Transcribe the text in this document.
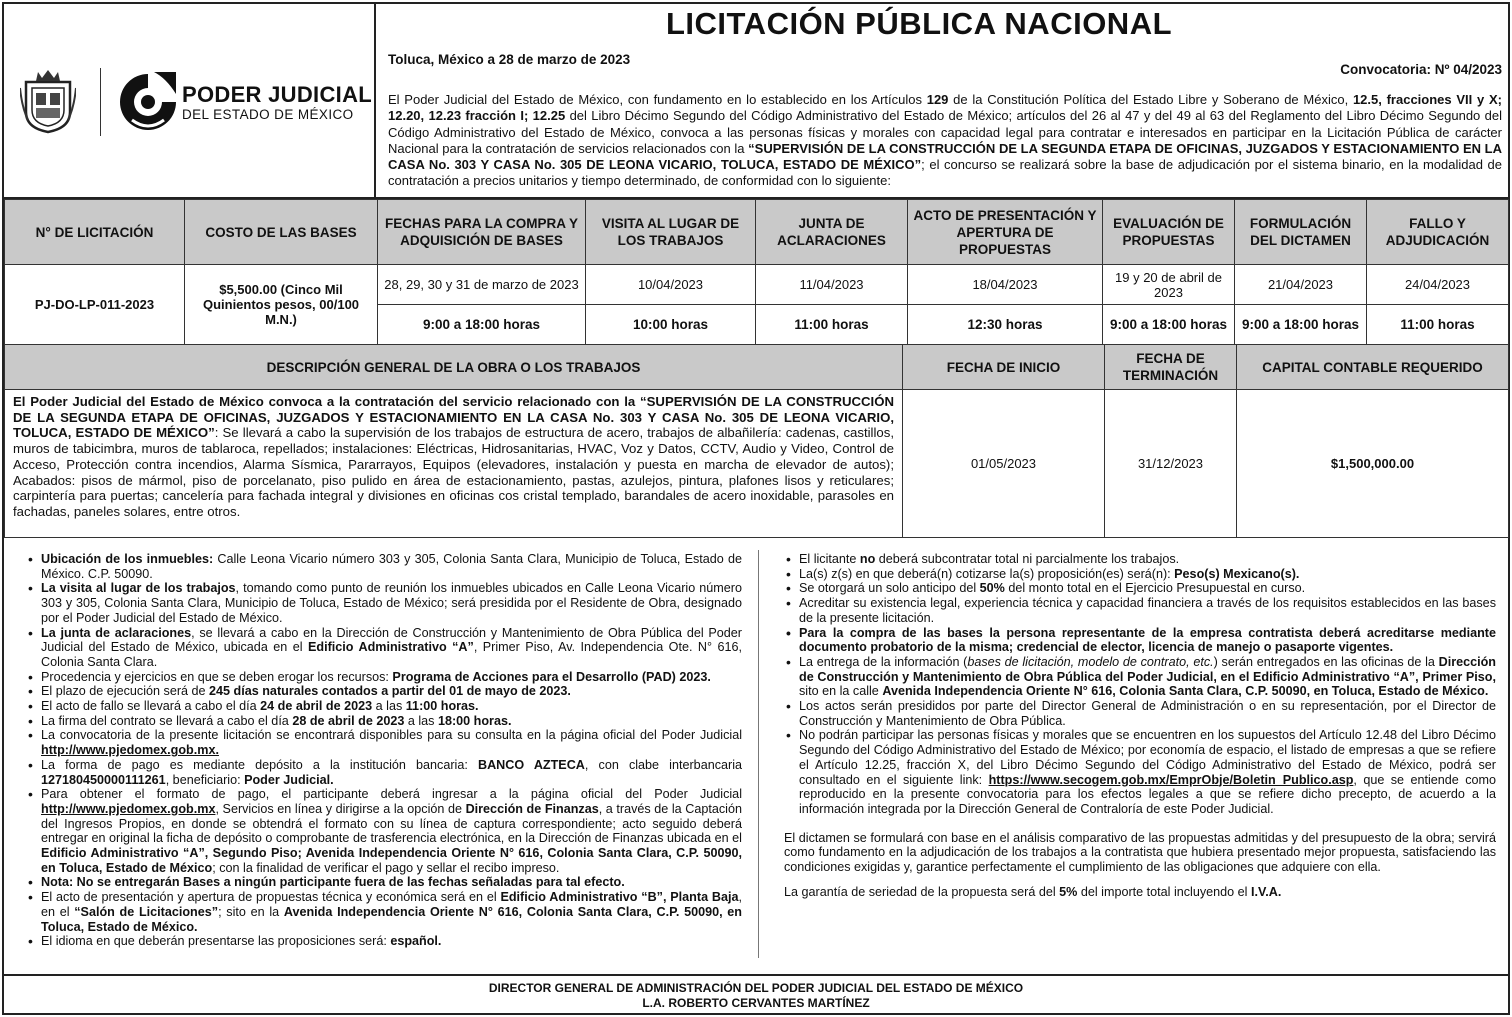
PODER JUDICIAL
DEL ESTADO DE MÉXICO
LICITACIÓN PÚBLICA NACIONAL
Toluca, México a 28 de marzo de 2023
Convocatoria: Nº 04/2023
El Poder Judicial del Estado de México, con fundamento en lo establecido en los Artículos 129 de la Constitución Política del Estado Libre y Soberano de México, 12.5, fracciones VII y X; 12.20, 12.23 fracción I; 12.25 del Libro Décimo Segundo del Código Administrativo del Estado de México; artículos del 26 al 47 y del 49 al 63 del Reglamento del Libro Décimo Segundo del Código Administrativo del Estado de México, convoca a las personas físicas y morales con capacidad legal para contratar e interesados en participar en la Licitación Pública de carácter Nacional para la contratación de servicios relacionados con la “SUPERVISIÓN DE LA CONSTRUCCIÓN DE LA SEGUNDA ETAPA DE OFICINAS, JUZGADOS Y ESTACIONAMIENTO EN LA CASA No. 303 Y CASA No. 305 DE LEONA VICARIO, TOLUCA, ESTADO DE MÉXICO”; el concurso se realizará sobre la base de adjudicación por el sistema binario, en la modalidad de contratación a precios unitarios y tiempo determinado, de conformidad con lo siguiente:
N° DE LICITACIÓN	COSTO DE LAS BASES	FECHAS PARA LA COMPRA Y ADQUISICIÓN DE BASES	VISITA AL LUGAR DE LOS TRABAJOS	JUNTA DE ACLARACIONES	ACTO DE PRESENTACIÓN Y APERTURA DE PROPUESTAS	EVALUACIÓN DE PROPUESTAS	FORMULACIÓN DEL DICTAMEN	FALLO Y ADJUDICACIÓN
PJ-DO-LP-011-2023	$5,500.00 (Cinco Mil Quinientos pesos, 00/100 M.N.)	28, 29, 30 y 31 de marzo de 2023	10/04/2023	11/04/2023	18/04/2023	19 y 20 de abril de 2023	21/04/2023	24/04/2023
		9:00 a 18:00 horas	10:00 horas	11:00 horas	12:30 horas	9:00 a 18:00 horas	9:00 a 18:00 horas	11:00 horas
DESCRIPCIÓN GENERAL DE LA OBRA O LOS TRABAJOS	FECHA DE INICIO	FECHA DE TERMINACIÓN	CAPITAL CONTABLE REQUERIDO
El Poder Judicial del Estado de México convoca a la contratación del servicio relacionado con la “SUPERVISIÓN DE LA CONSTRUCCIÓN DE LA SEGUNDA ETAPA DE OFICINAS, JUZGADOS Y ESTACIONAMIENTO EN LA CASA No. 303 Y CASA No. 305 DE LEONA VICARIO, TOLUCA, ESTADO DE MÉXICO”: Se llevará a cabo la supervisión de los trabajos de estructura de acero, trabajos de albañilería: cadenas, castillos, muros de tabicimbra, muros de tablaroca, repellados; instalaciones: Eléctricas, Hidrosanitarias, HVAC, Voz y Datos, CCTV, Audio y Video, Control de Acceso, Protección contra incendios, Alarma Sísmica, Pararrayos, Equipos (elevadores, instalación y puesta en marcha de elevador de autos); Acabados: pisos de mármol, piso de porcelanato, piso pulido en área de estacionamiento, pastas, azulejos, pintura, plafones lisos y reticulares; carpintería para puertas; cancelería para fachada integral y divisiones en oficinas cos cristal templado, barandales de acero inoxidable, parasoles en fachadas, paneles solares, entre otros.	01/05/2023	31/12/2023	$1,500,000.00
• Ubicación de los inmuebles: Calle Leona Vicario número 303 y 305, Colonia Santa Clara, Municipio de Toluca, Estado de México. C.P. 50090.
• La visita al lugar de los trabajos, tomando como punto de reunión los inmuebles ubicados en Calle Leona Vicario número 303 y 305, Colonia Santa Clara, Municipio de Toluca, Estado de México; será presidida por el Residente de Obra, designado por el Poder Judicial del Estado de México.
• La junta de aclaraciones, se llevará a cabo en la Dirección de Construcción y Mantenimiento de Obra Pública del Poder Judicial del Estado de México, ubicada en el Edificio Administrativo “A”, Primer Piso, Av. Independencia Ote. N° 616, Colonia Santa Clara.
• Procedencia y ejercicios en que se deben erogar los recursos: Programa de Acciones para el Desarrollo (PAD) 2023.
• El plazo de ejecución será de 245 días naturales contados a partir del 01 de mayo de 2023.
• El acto de fallo se llevará a cabo el día 24 de abril de 2023 a las 11:00 horas.
• La firma del contrato se llevará a cabo el día 28 de abril de 2023 a las 18:00 horas.
• La convocatoria de la presente licitación se encontrará disponibles para su consulta en la página oficial del Poder Judicial http://www.pjedomex.gob.mx.
• La forma de pago es mediante depósito a la institución bancaria: BANCO AZTECA, con clabe interbancaria 127180450000111261, beneficiario: Poder Judicial.
• Para obtener el formato de pago, el participante deberá ingresar a la página oficial del Poder Judicial http://www.pjedomex.gob.mx, Servicios en línea y dirigirse a la opción de Dirección de Finanzas, a través de la Captación del Ingresos Propios, en donde se obtendrá el formato con su línea de captura correspondiente; acto seguido deberá entregar en original la ficha de depósito o comprobante de trasferencia electrónica, en la Dirección de Finanzas ubicada en el Edificio Administrativo “A”, Segundo Piso; Avenida Independencia Oriente N° 616, Colonia Santa Clara, C.P. 50090, en Toluca, Estado de México; con la finalidad de verificar el pago y sellar el recibo impreso.
• Nota: No se entregarán Bases a ningún participante fuera de las fechas señaladas para tal efecto.
• El acto de presentación y apertura de propuestas técnica y económica será en el Edificio Administrativo “B”, Planta Baja, en el “Salón de Licitaciones”; sito en la Avenida Independencia Oriente N° 616, Colonia Santa Clara, C.P. 50090, en Toluca, Estado de México.
• El idioma en que deberán presentarse las proposiciones será: español.
• El licitante no deberá subcontratar total ni parcialmente los trabajos.
• La(s) z(s) en que deberá(n) cotizarse la(s) proposición(es) será(n): Peso(s) Mexicano(s).
• Se otorgará un solo anticipo del 50% del monto total en el Ejercicio Presupuestal en curso.
• Acreditar su existencia legal, experiencia técnica y capacidad financiera a través de los requisitos establecidos en las bases de la presente licitación.
• Para la compra de las bases la persona representante de la empresa contratista deberá acreditarse mediante documento probatorio de la misma; credencial de elector, licencia de manejo o pasaporte vigentes.
• La entrega de la información (bases de licitación, modelo de contrato, etc.) serán entregados en las oficinas de la Dirección de Construcción y Mantenimiento de Obra Pública del Poder Judicial, en el Edificio Administrativo “A”, Primer Piso, sito en la calle Avenida Independencia Oriente N° 616, Colonia Santa Clara, C.P. 50090, en Toluca, Estado de México.
• Los actos serán presididos por parte del Director General de Administración o en su representación, por el Director de Construcción y Mantenimiento de Obra Pública.
• No podrán participar las personas físicas y morales que se encuentren en los supuestos del Artículo 12.48 del Libro Décimo Segundo del Código Administrativo del Estado de México; por economía de espacio, el listado de empresas a que se refiere el Artículo 12.25, fracción X, del Libro Décimo Segundo del Código Administrativo del Estado de México, podrá ser consultado en el siguiente link: https://www.secogem.gob.mx/EmprObje/Boletin_Publico.asp, que se entiende como reproducido en la presente convocatoria para los efectos legales a que se refiere dicho precepto, de acuerdo a la información integrada por la Dirección General de Contraloría de este Poder Judicial.

El dictamen se formulará con base en el análisis comparativo de las propuestas admitidas y del presupuesto de la obra; servirá como fundamento en la adjudicación de los trabajos a la contratista que hubiera presentado mejor propuesta, satisfaciendo las condiciones exigidas y, garantice perfectamente el cumplimiento de las obligaciones que adquiere con ella.

La garantía de seriedad de la propuesta será del 5% del importe total incluyendo el I.V.A.

DIRECTOR GENERAL DE ADMINISTRACIÓN DEL PODER JUDICIAL DEL ESTADO DE MÉXICO
L.A. ROBERTO CERVANTES MARTÍNEZ
